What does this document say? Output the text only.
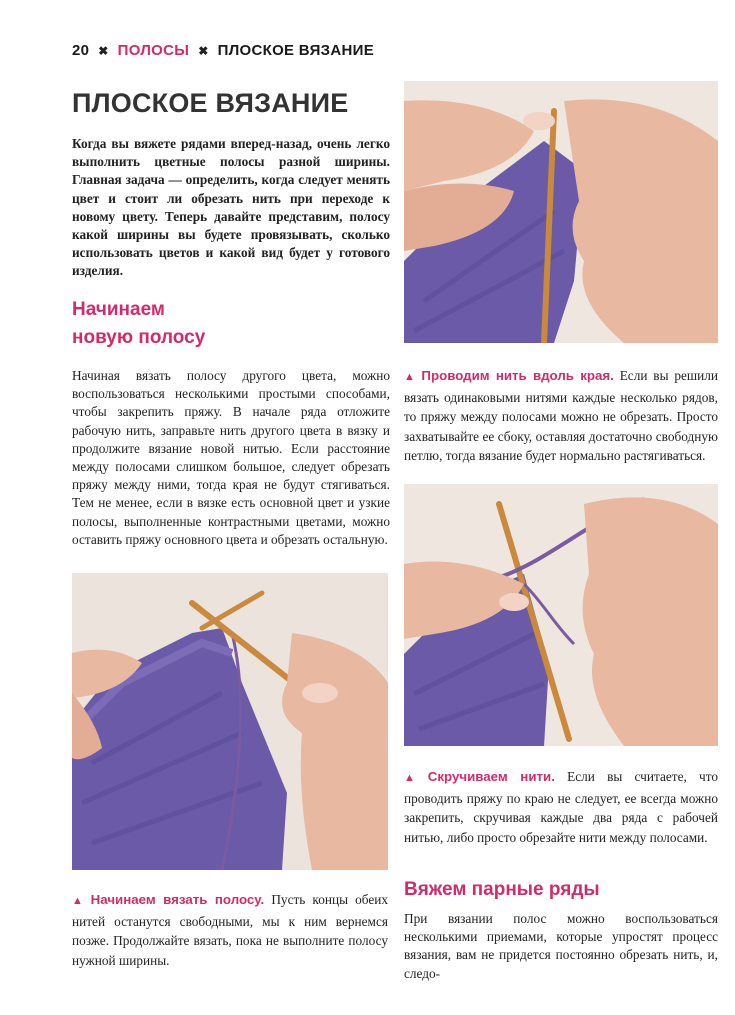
20 ✖ ПОЛОСЫ ✖ ПЛОСКОЕ ВЯЗАНИЕ
ПЛОСКОЕ ВЯЗАНИЕ
Когда вы вяжете рядами вперед-назад, очень легко выполнить цветные полосы разной ширины. Главная задача — определить, когда следует менять цвет и стоит ли обрезать нить при переходе к новому цвету. Теперь давайте представим, полосу какой ширины вы будете провязывать, сколько использовать цветов и какой вид будет у готового изделия.
Начинаем
новую полосу
Начиная вязать полосу другого цвета, можно воспользоваться несколькими простыми способами, чтобы закрепить пряжу. В начале ряда отложите рабочую нить, заправьте нить другого цвета в вязку и продолжите вязание новой нитью. Если расстояние между полосами слишком большое, следует обрезать пряжу между ними, тогда края не будут стягиваться. Тем не менее, если в вязке есть основной цвет и узкие полосы, выполненные контрастными цветами, можно оставить пряжу основного цвета и обрезать остальную.
▲ Начинаем вязать полосу. Пусть концы обеих нитей останутся свободными, мы к ним вернемся позже. Продолжайте вязать, пока не выполните полосу нужной ширины.
▲ Проводим нить вдоль края. Если вы решили вязать одинаковыми нитями каждые несколько рядов, то пряжу между полосами можно не обрезать. Просто захватывайте ее сбоку, оставляя достаточно свободную петлю, тогда вязание будет нормально растягиваться.
▲ Скручиваем нити. Если вы считаете, что проводить пряжу по краю не следует, ее всегда можно закрепить, скручивая каждые два ряда с рабочей нитью, либо просто обрезайте нити между полосами.
Вяжем парные ряды
При вязании полос можно воспользоваться несколькими приемами, которые упростят процесс вязания, вам не придется постоянно обрезать нить, и, следо-
